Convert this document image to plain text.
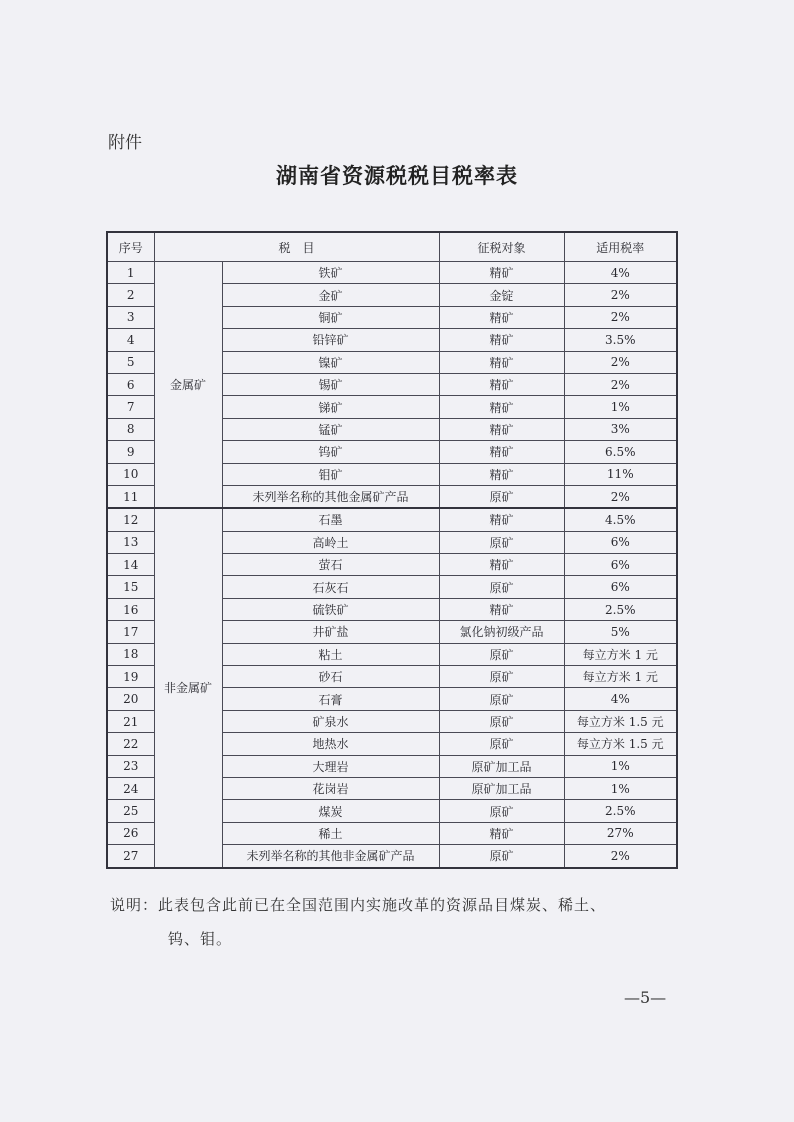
附件
湖南省资源税税目税率表
序号	税　目		征税对象	适用税率
1	金属矿	铁矿	精矿	4%
2		金矿	金锭	2%
3		铜矿	精矿	2%
4		铅锌矿	精矿	3.5%
5		镍矿	精矿	2%
6		锡矿	精矿	2%
7		锑矿	精矿	1%
8		锰矿	精矿	3%
9		钨矿	精矿	6.5%
10		钼矿	精矿	11%
11		未列举名称的其他金属矿产品	原矿	2%
12	非金属矿	石墨	精矿	4.5%
13		高岭土	原矿	6%
14		萤石	精矿	6%
15		石灰石	原矿	6%
16		硫铁矿	精矿	2.5%
17		井矿盐	氯化钠初级产品	5%
18		粘土	原矿	每立方米 1 元
19		砂石	原矿	每立方米 1 元
20		石膏	原矿	4%
21		矿泉水	原矿	每立方米 1.5 元
22		地热水	原矿	每立方米 1.5 元
23		大理岩	原矿加工品	1%
24		花岗岩	原矿加工品	1%
25		煤炭	原矿	2.5%
26		稀土	精矿	27%
27		未列举名称的其他非金属矿产品	原矿	2%
说明：此表包含此前已在全国范围内实施改革的资源品目煤炭、稀土、
钨、钼。
—5—
